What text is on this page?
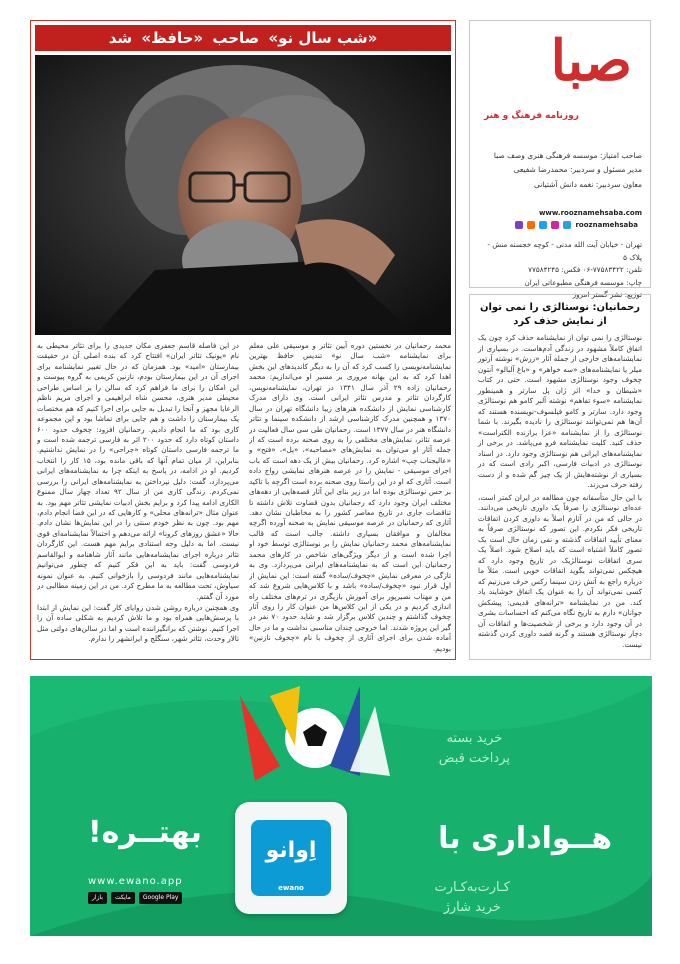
«شب سال نو» صاحب «حافظ» شد

محمد رحمانیان در نخستین دوره آیین تئاتر و موسیقی علی معلم برای نمایشنامه «شب سال نو» تندیس حافظ بهترین نمایشنامه‌نویسی را کسب کرد که آن را به دیگر کاندیدهای این بخش اهدا کرد که به این بهانه مروری بر مسیر او می‌اندازیم: محمد رحمانیان زاده ۲۹ آذر سال ۱۳۴۱ در تهران، نمایشنامه‌نویس، کارگردان تئاتر و مدرس تئاتر ایرانی است. وی دارای مدرک کارشناسی نمایش از دانشکده هنرهای زیبا دانشگاه تهران در سال ۱۳۷۰ و همچنین مدرک کارشناسی ارشد از دانشکده سینما و تئاتر دانشگاه هنر در سال ۱۳۷۷ است. رحمانیان طی سی سال فعالیت در عرصه تئاتر، نمایش‌های مختلفی را به روی صحنه برده است که از جمله آثار او می‌توان به نمایش‌های «مصاحبه»، «پل»، «فتح» و «عالیجناب چپ» اشاره کرد. رحمانیان بیش از یک دهه است که باب اجرای موسیقی - نمایش را در عرصه هنرهای نمایشی رواج داده است. آثاری که او در این راستا روی صحنه برده است اگرچه با تاکید بر حس نوستالژی بوده اما در زیر بنای این آثار قصه‌هایی از دهه‌های مختلف ایران وجود دارد که رحمانیان بدون قضاوت تلاش داشته تا تناقضات جاری در تاریخ معاصر کشور را به مخاطبان نشان دهد. آثاری که رحمانیان در عرصه موسیقی نمایش به صحنه آورده اگرچه مخالفان و موافقان بسیاری داشته. جالب است که قالب نمایشنامه‌های محمد رحمانیان نمایش را بر نوستالژی توسط خود او اجرا شده است و از دیگر ویژگی‌های شاخص در کارهای محمد رحمانیان این است که به نمایشنامه‌های ایرانی می‌پردازد. وی به تازگی در معرفی نمایش «چخوف/ساده» گفته است: این نمایش از اول قرار نبود «چخوف/ساده» باشد و با کلاس‌هایی شروع شد که من و مهتاب نصیرپور برای آموزش بازیگری در ترم‌های مختلف راه اندازی کردیم و در یکی از این کلاس‌ها من عنوان کار را روی آثار چخوف گذاشتم و چندین کلاس برگزار شد و شاید حدود ۷۰ نفر در گیر این پروژه شدند. اما خروجی چندان مناسبی نداشت و ما در حال آماده شدن برای اجرای آثاری از چخوف با نام «چخوف نازنین» بودیم.

در این فاصله قاسم جعفری مکان جدیدی را برای تئاتر محیطی به نام «یونیک تئاتر ایران» افتتاح کرد که بنده اصلی آن در حقیقت بیمارستان «امید» بود. همزمان که در حال تغییر نمایشنامه برای اجرای آن در این بیمارستان بودم، نازنین کریمی به گروه پیوست و این امکان را برای ما فراهم کرد که سالن را بر اساس طراحی محیطی مدیر هنری، محسن شاه ابراهیمی و اجرای مریم ناظم الرعایا مجهز و آنجا را تبدیل به جایی برای اجرا کنیم که هم مختصات یک بیمارستان را داشت و هم جایی برای تماشا بود و این مجموعه کاری بود که ما انجام دادیم. رحمانیان افزود: چخوف حدود ۶۰۰ داستان کوتاه دارد که حدود ۲۰۰ اثر به فارسی ترجمه شده است و ما ترجمه فارسی داستان کوتاه «جراحی» را در نمایش نداشتیم. بنابراین، از میان تمام آنها که باقی مانده بود، ۱۵ کار را انتخاب کردیم. او در ادامه، در پاسخ به اینکه چرا به نمایشنامه‌های ایرانی می‌پردازد، گفت: دلیل نپرداختن به نمایشنامه‌های ایرانی را بررسی نمی‌کردم. زندگی کاری من از سال ۹۲ تعداد چهار سال ممنوع الکاری ادامه پیدا کرد و برایم بخش ادبیات نمایشی تئاتر مهم بود. به عنوان مثال «ترانه‌های محلی» و کارهایی که در این فضا انجام دادم، مهم بود. چون به نظر خودم سنتی را در این نمایش‌ها نشان دادم. حالا «عشق روزهای کرونا» ارائه می‌دهم و احتمالاً نمایشنامه‌ای قوی نیست. اما به دلیل وجه استنادی برایم مهم هست. این کارگردان تئاتر درباره اجرای نمایشنامه‌هایی مانند آثار شاهنامه و ابوالقاسم فردوسی گفت: باید به این فکر کنیم که چطور می‌توانیم نمایشنامه‌هایی مانند فردوسی را بازخوانی کنیم. به عنوان نمونه سیاوش، تحت مطالعه به ما مطرح کرد. من در این زمینه مطالبی در مورد آن گفتم.

وی همچنین درباره روشن شدن زوایای کار گفت: این نمایش از ابتدا با پرسش‌هایی همراه بود و ما تلاش کردیم به شکلی ساده آن را اجرا کنیم. نوشتن که برانگیزاننده است و اما در سالن‌های دولتی مثل تالار وحدت، تئاتر شهر، سنگلج و ایرانشهر را ندارم.

صبا
روزنامه فرهنگ و هنر
صاحب امتیاز: موسسه فرهنگی هنری وصف صبا
مدیر مسئول و سردبیر: محمدرضا شفیعی
معاون سردبیر: نغمه دانش آشتیانی
www.rooznamehsaba.com
rooznamehsaba
تهران - خیابان آیت الله مدنی - کوچه خجسته منش - پلاک ۵
تلفن: ۷۷۵۸۳۴۲۲-۰۶ فکس: ۷۷۵۸۴۲۴۵
چاپ: موسسه فرهنگی مطبوعاتی ایران
توزیع: نشر گستر امروز
رحمانیان: نوستالژی را نمی توان از نمایش حذف کرد

نوستالژی را نمی توان از نمایشنامه حذف کرد چون یک اتفاق کاملاً مشهود در زندگی آدم‌هاست. در بسیاری از نمایشنامه‌های خارجی از جمله آثار «زرش» نوشته آرتور میلر یا نمایشنامه‌های «سه خواهر» و «باغ آلبالو» آنتون چخوف وجود نوستالژی مشهود است. حتی در کتاب «شیطان و خدا» اثر ژان پل سارتر و همینطور نمایشنامه «سوء تفاهم» نوشته آلبر کامو هم نوستالژی وجود دارد. سارتر و کامو فیلسوف-نویسنده هستند که آن‌ها هم نمی‌توانند نوستالژی را نادیده بگیرند. با شما نوستالژی را از نمایشنامه «عزا برازنده الکتراست» حذف کنید. کلیت نمایشنامه فرو می‌پاشد. در برخی از نمایشنامه‌های ایرانی هم نوستالژی وجود دارد. در اسناد نوستالژی در ادبیات فارسی، اکبر رادی است که در بسیاری از نوشته‌هایش از یک چیز گم شده و از دست رفته حرف می‌زند.

با این حال متأسفانه چون مطالعه در ایران کمتر است، عده‌ای نوستالژی را صرفاً یک داوری تاریخی می‌دانند. در حالی که من در آثارم اصلاً به داوری کردن اتفاقات تاریخی فکر نکردم. این تصور که نوستالژی صرفاً به معنای تأیید اتفاقات گذشته و نفی زمان حال است یک تصور کاملاً اشتباه است که باید اصلاح شود. اصلاً یک سری اتفاقات نوستالژیک در تاریخ وجود دارد که هیچکس نمی‌تواند بگوید اتفاقات خوبی است. مثلاً ما درباره راجع به آتش زدن سینما رکس حرف می‌زنیم که کسی نمی‌تواند آن را به عنوان یک اتفاق خوشایند یاد کند. من در نمایشنامه «ترانه‌های قدیمی: پیشکش جوانان» دارم به تاریخ نگاه می‌کنم که احساسات بشری در آن وجود دارد و برخی از شخصیت‌ها و اتفاقات آن دچار نوستالژی هستند و گرنه قصد داوری کردن گذشته نیست.

خرید بسته
پرداخت قبض
هــواداری با
بهتــره!
اِوانو
ewano	کـارت‌به‌کـارت
خرید شارژ
www.ewano.app
بازار	مایکت	Google Play
